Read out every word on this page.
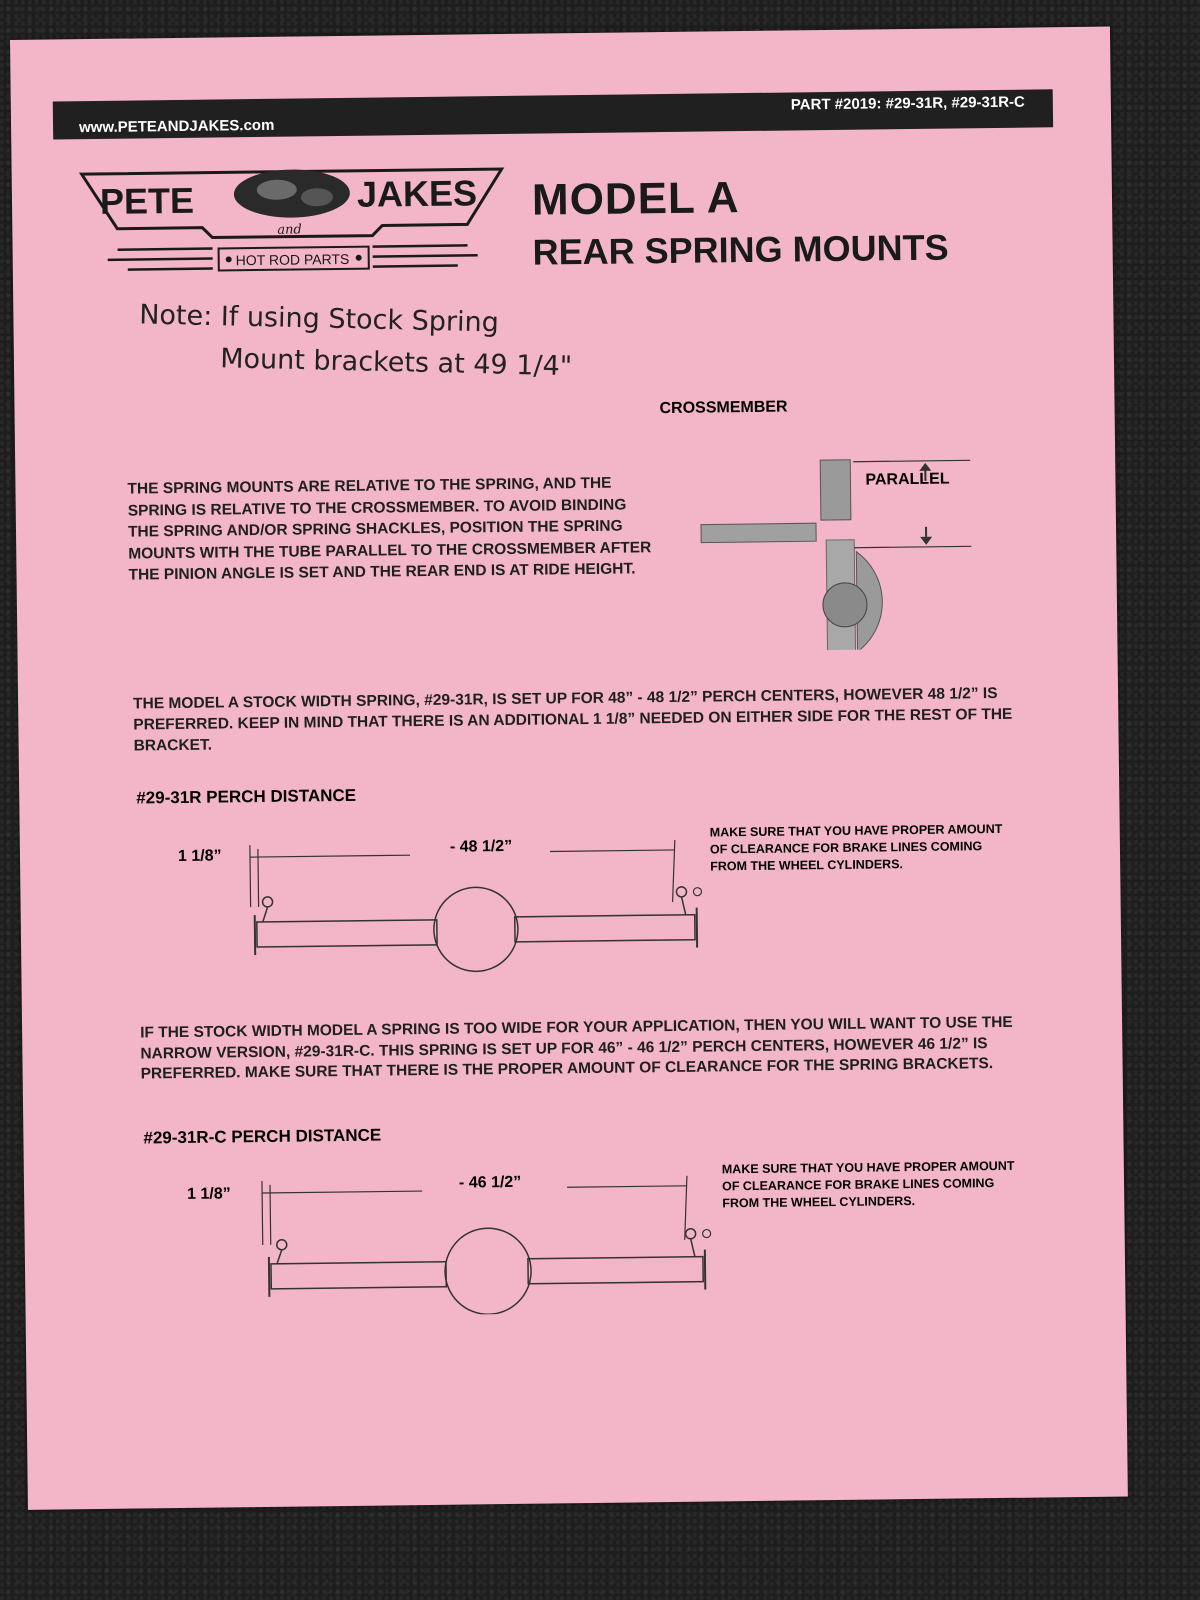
www.PETEANDJAKES.com
PART #2019: #29-31R, #29-31R-C
PETE	JAKES
and
HOT ROD PARTS
MODEL A
REAR SPRING MOUNTS
Note: If using Stock Spring
Mount brackets at 49 1/4"
THE SPRING MOUNTS ARE RELATIVE TO THE SPRING, AND THE SPRING IS RELATIVE TO THE CROSSMEMBER. TO AVOID BINDING THE SPRING AND/OR SPRING SHACKLES, POSITION THE SPRING MOUNTS WITH THE TUBE PARALLEL TO THE CROSSMEMBER AFTER THE PINION ANGLE IS SET AND THE REAR END IS AT RIDE HEIGHT.
CROSSMEMBER
PARALLEL
THE MODEL A STOCK WIDTH SPRING, #29-31R, IS SET UP FOR 48” - 48 1/2” PERCH CENTERS, HOWEVER 48 1/2” IS PREFERRED. KEEP IN MIND THAT THERE IS AN ADDITIONAL 1 1/8” NEEDED ON EITHER SIDE FOR THE REST OF THE BRACKET.
#29-31R PERCH DISTANCE
1 1/8”
- 48 1/2”
MAKE SURE THAT YOU HAVE PROPER AMOUNT OF CLEARANCE FOR BRAKE LINES COMING FROM THE WHEEL CYLINDERS.
IF THE STOCK WIDTH MODEL A SPRING IS TOO WIDE FOR YOUR APPLICATION, THEN YOU WILL WANT TO USE THE NARROW VERSION, #29-31R-C. THIS SPRING IS SET UP FOR 46” - 46 1/2” PERCH CENTERS, HOWEVER 46 1/2” IS PREFERRED. MAKE SURE THAT THERE IS THE PROPER AMOUNT OF CLEARANCE FOR THE SPRING BRACKETS.
#29-31R-C PERCH DISTANCE
1 1/8”
- 46 1/2”
MAKE SURE THAT YOU HAVE PROPER AMOUNT OF CLEARANCE FOR BRAKE LINES COMING FROM THE WHEEL CYLINDERS.
